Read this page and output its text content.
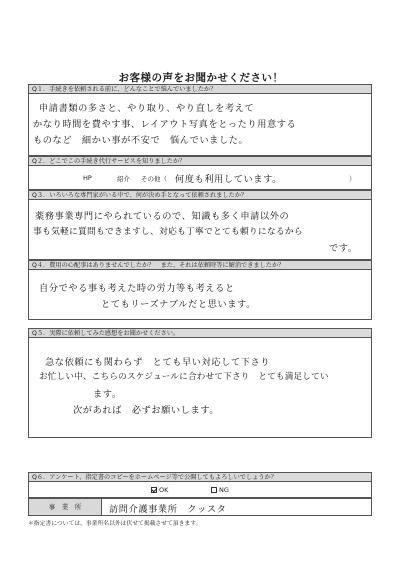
お客様の声をお聞かせください！
Q１．手続きを依頼される前に、どんなことで悩んでいましたか？
申請書類の多さと、やり取り、やり直しを考えて
かなり時間を費やす事、レイアウト写真をとったり用意する
ものなど　細かい事が不安で　悩んでいました。
Q２．どこでこの手続き代行サービスを知りましたか？
HP	紹介 その他（ 何度も利用しています。	）
Q３．いろいろな専門家がいる中で、何が決め手となって依頼されましたか？
薬務事業専門にやられているので、知識も多く申請以外の
事も気軽に質問もできますし、対応も丁寧でとても頼りになるから
です。
Q４．費用の心配事はありませんでしたか？　また、それは依頼時等に解消できましたか？
自分でやる事も考えた時の労力等も考えると
とてもリーズナブルだと思います。
Q５．実際に依頼してみた感想をお聞かせください。
急な依頼にも関わらず　とても早い対応して下さり
お忙しい中、こちらのスケジュールに合わせて下さり　とても満足してい
ます。
次があれば　必ずお願いします。
Q６．アンケート、指定書のコピーをホームページ等で公開してもよろしいでしょうか？
OK	NG
事　業　所	訪問介護事業所　クッスタ
＊指定書については、事業所名以外は伏せて掲載させて頂きます。
